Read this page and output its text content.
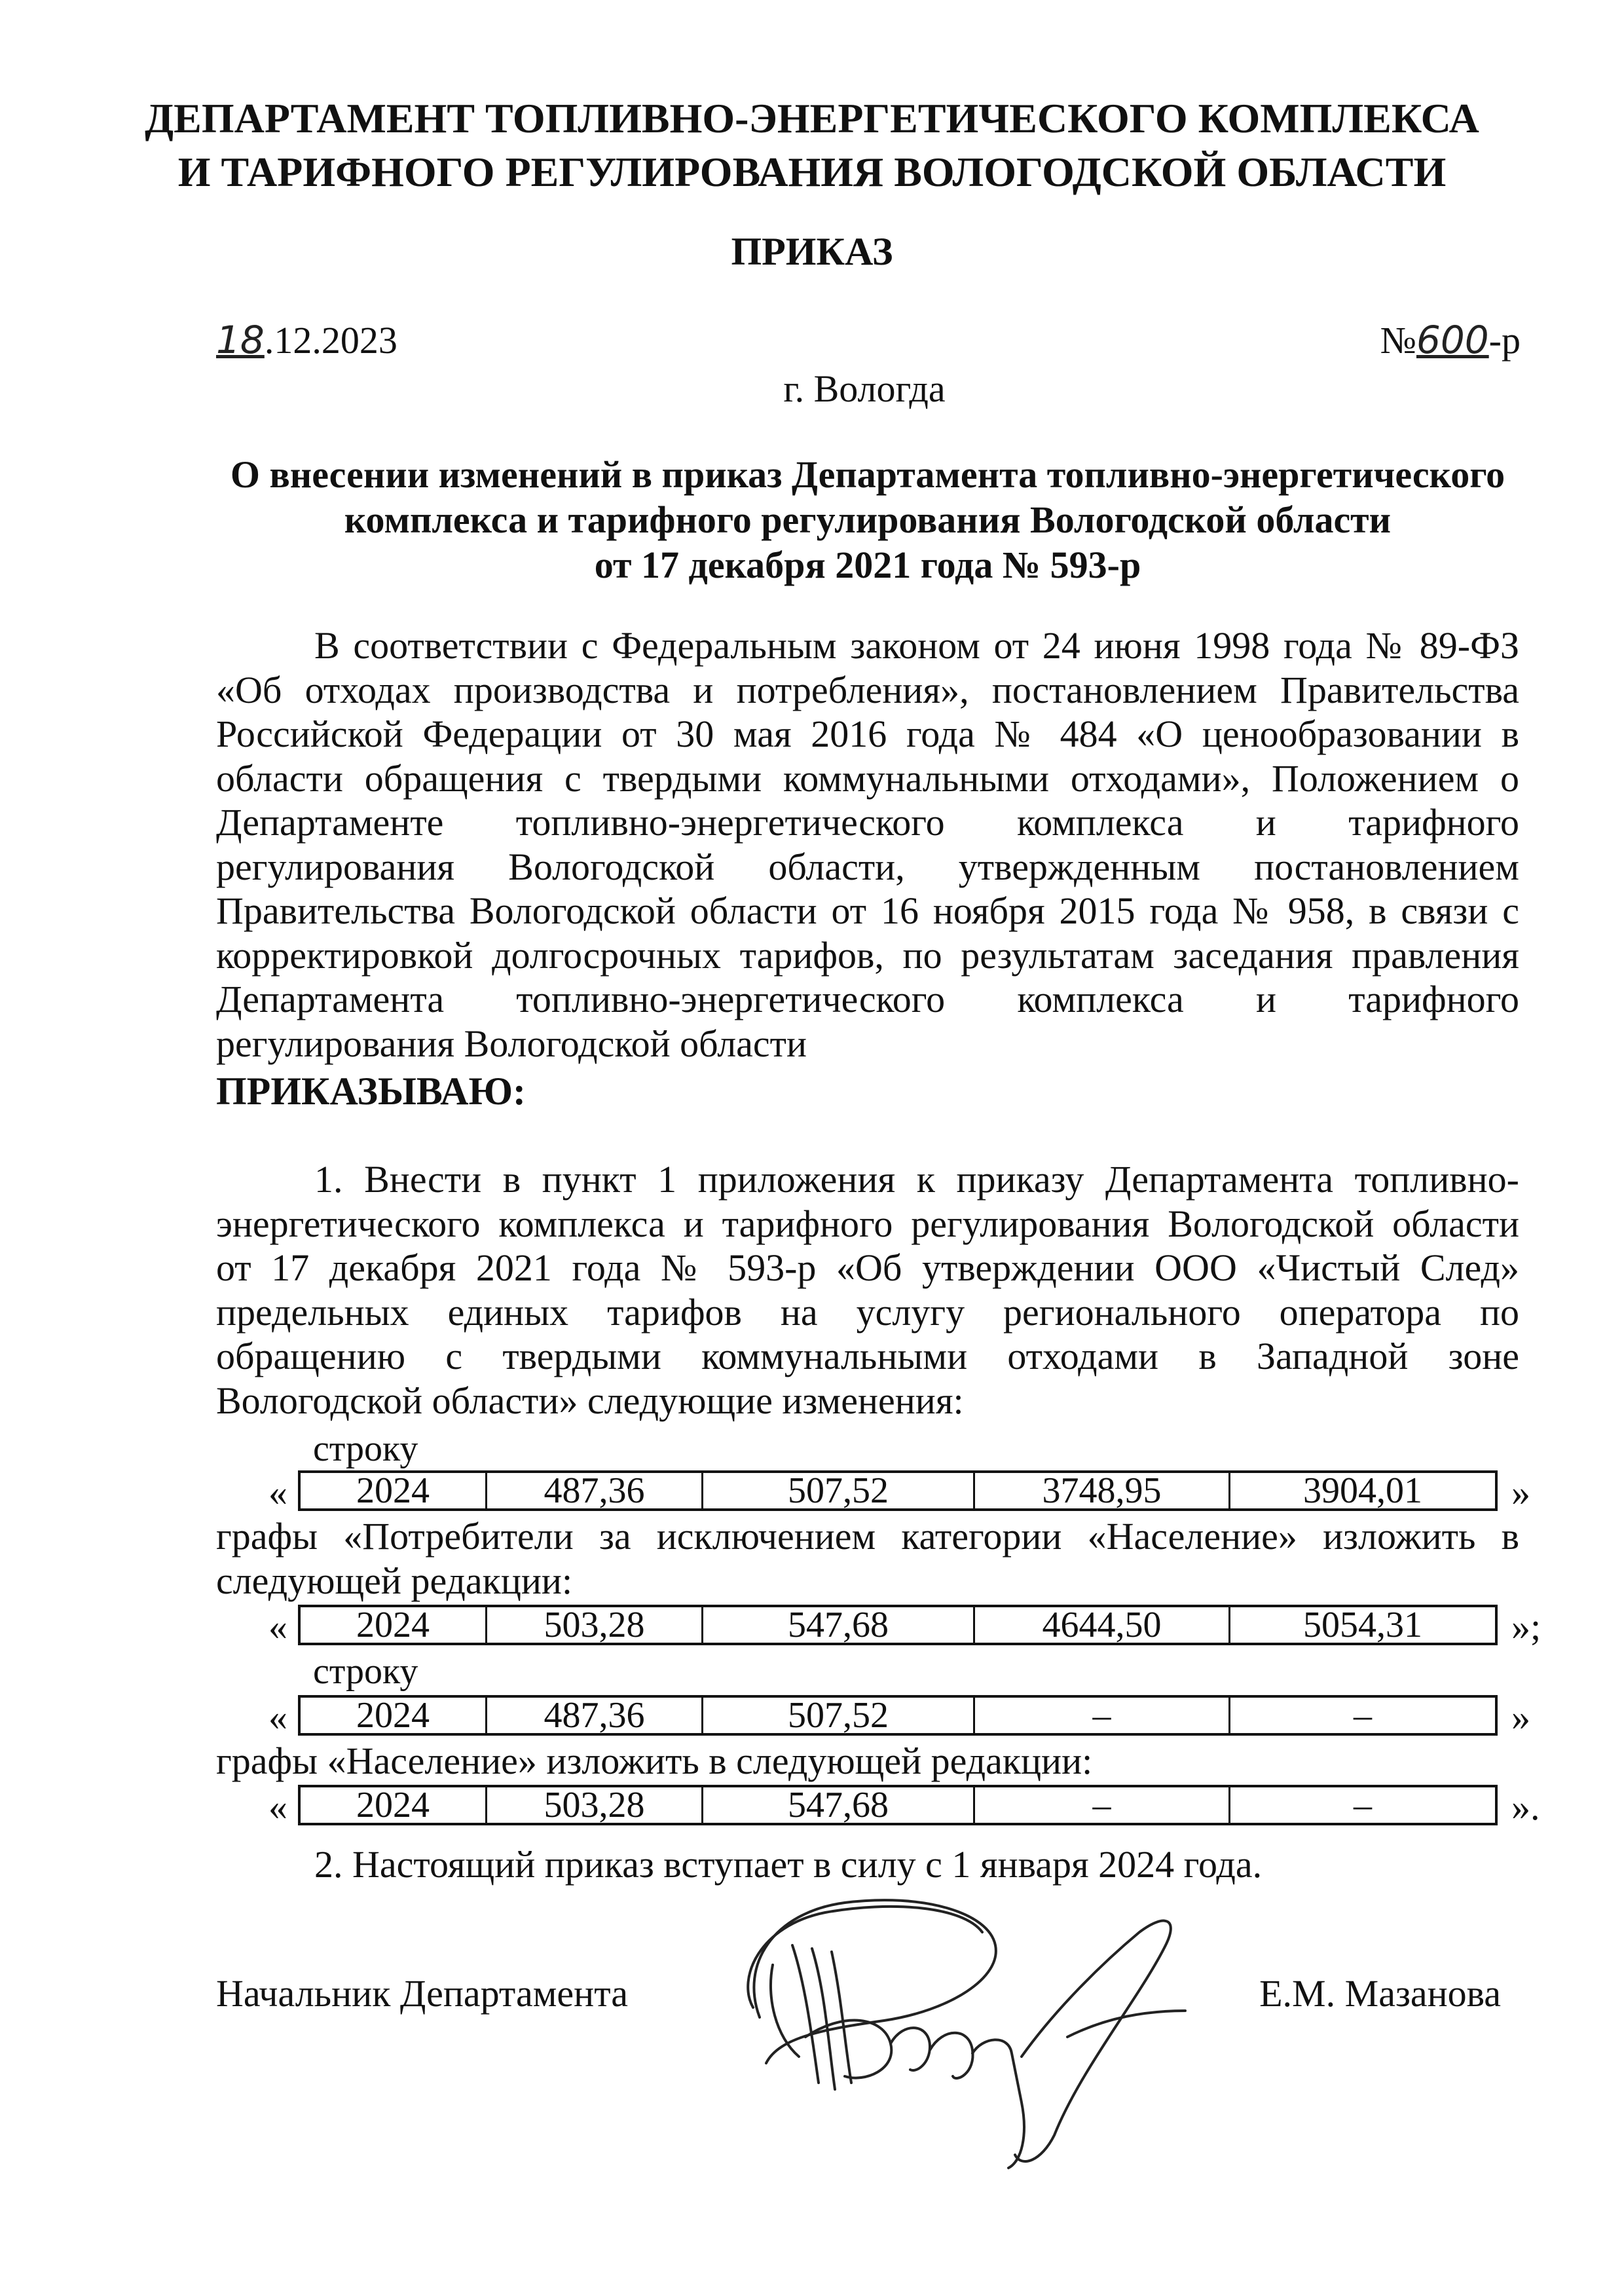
ДЕПАРТАМЕНТ ТОПЛИВНО-ЭНЕРГЕТИЧЕСКОГО КОМПЛЕКСА
И ТАРИФНОГО РЕГУЛИРОВАНИЯ ВОЛОГОДСКОЙ ОБЛАСТИ
ПРИКАЗ
18.12.2023	№600-р
г. Вологда
О внесении изменений в приказ Департамента топливно-энергетического
комплекса и тарифного регулирования Вологодской области
от 17 декабря 2021 года № 593-р
В соответствии с Федеральным законом от 24 июня 1998 года № 89-ФЗ
«Об отходах производства и потребления», постановлением Правительства
Российской Федерации от 30 мая 2016 года № 484 «О ценообразовании в
области обращения с твердыми коммунальными отходами», Положением о
Департаменте топливно-энергетического комплекса и тарифного
регулирования Вологодской области, утвержденным постановлением
Правительства Вологодской области от 16 ноября 2015 года № 958, в связи с
корректировкой долгосрочных тарифов, по результатам заседания правления
Департамента топливно-энергетического комплекса и тарифного
регулирования Вологодской области
ПРИКАЗЫВАЮ:
1. Внести в пункт 1 приложения к приказу Департамента топливно-
энергетического комплекса и тарифного регулирования Вологодской области
от 17 декабря 2021 года № 593-р «Об утверждении ООО «Чистый След»
предельных единых тарифов на услугу регионального оператора по
обращению с твердыми коммунальными отходами в Западной зоне
Вологодской области» следующие изменения:
строку
«	2024	487,36	507,52	3748,95	3904,01	»
графы «Потребители за исключением категории «Население» изложить в
следующей редакции:
«	2024	503,28	547,68	4644,50	5054,31	»;
строку
«	2024	487,36	507,52	–	–	»
графы «Население» изложить в следующей редакции:
«	2024	503,28	547,68	–	–	».
2. Настоящий приказ вступает в силу с 1 января 2024 года.
Начальник Департамента	Е.М. Мазанова
